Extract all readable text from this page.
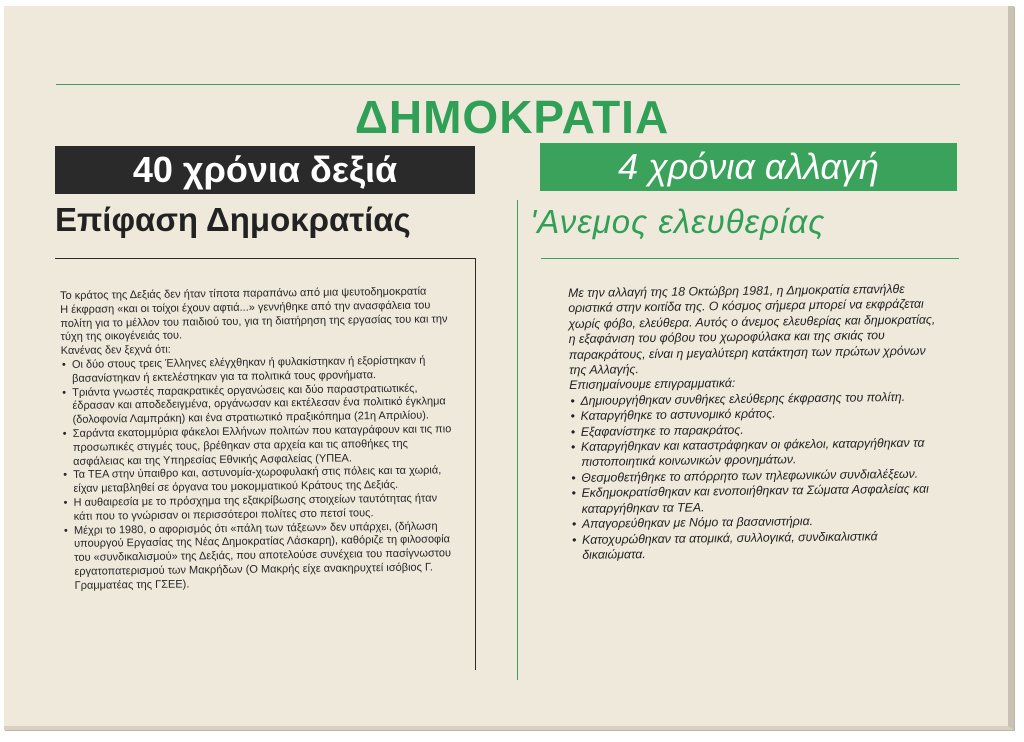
ΔΗΜΟΚΡΑΤΙΑ
40 χρόνια δεξιά	4 χρόνια αλλαγή
Επίφαση Δημοκρατίας	'Ανεμος ελευθερίας

Το κράτος της Δεξιάς δεν ήταν τίποτα παραπάνω από μια ψευτοδημοκρατία

Η έκφραση «και οι τοίχοι έχουν αφτιά...» γεννήθηκε από την ανασφάλεια του πολίτη για το μέλλον του παιδιού του, για τη διατήρηση της εργασίας του και την τύχη της οικογένειάς του.

Κανένας δεν ξεχνά ότι:

• Οι δύο στους τρεις Έλληνες ελέγχθηκαν ή φυλακίστηκαν ή εξορίστηκαν ή βασανίστηκαν ή εκτελέστηκαν για τα πολιτικά τους φρονήματα.
• Τριάντα γνωστές παρακρατικές οργανώσεις και δύο παραστρατιωτικές, έδρασαν και αποδεδειγμένα, οργάνωσαν και εκτέλεσαν ένα πολιτικό έγκλημα (δολοφονία Λαμπράκη) και ένα στρατιωτικό πραξικόπημα (21η Απριλίου).
• Σαράντα εκατομμύρια φάκελοι Ελλήνων πολιτών που καταγράφουν και τις πιο προσωπικές στιγμές τους, βρέθηκαν στα αρχεία και τις αποθήκες της ασφάλειας και της Υπηρεσίας Εθνικής Ασφαλείας (ΥΠΕΑ.
• Τα ΤΕΑ στην ύπαιθρο και, αστυνομία-χωροφυλακή στις πόλεις και τα χωριά, είχαν μεταβληθεί σε όργανα του μοκομματικού Κράτους της Δεξιάς.
• Η αυθαιρεσία με το πρόσχημα της εξακρίβωσης στοιχείων ταυτότητας ήταν κάτι που το γνώρισαν οι περισσότεροι πολίτες στο πετσί τους.
• Μέχρι το 1980, ο αφορισμός ότι «πάλη των τάξεων» δεν υπάρχει, (δήλωση υπουργού Εργασίας της Νέας Δημοκρατίας Λάσκαρη), καθόριζε τη φιλοσοφία του «συνδικαλισμού» της Δεξιάς, που αποτελούσε συνέχεια του πασίγνωστου εργατοπατερισμού των Μακρήδων (Ο Μακρής είχε ανακηρυχτεί ισόβιος Γ. Γραμματέας της ΓΣΕΕ).

Με την αλλαγή της 18 Οκτώβρη 1981, η Δημοκρατία επανήλθε οριστικά στην κοιτίδα της. Ο κόσμος σήμερα μπορεί να εκφράζεται χωρίς φόβο, ελεύθερα. Αυτός ο άνεμος ελευθερίας και δημοκρατίας, η εξαφάνιση του φόβου του χωροφύλακα και της σκιάς του παρακράτους, είναι η μεγαλύτερη κατάκτηση των πρώτων χρόνων της Αλλαγής.

Επισημαίνουμε επιγραμματικά:

• Δημιουργήθηκαν συνθήκες ελεύθερης έκφρασης του πολίτη.
• Καταργήθηκε το αστυνομικό κράτος.
• Εξαφανίστηκε το παρακράτος.
• Καταργήθηκαν και καταστράφηκαν οι φάκελοι, καταργήθηκαν τα πιστοποιητικά κοινωνικών φρονημάτων.
• Θεσμοθετήθηκε το απόρρητο των τηλεφωνικών συνδιαλέξεων.
• Εκδημοκρατίσθηκαν και ενοποιήθηκαν τα Σώματα Ασφαλείας και καταργήθηκαν τα ΤΕΑ.
• Απαγορεύθηκαν με Νόμο τα βασανιστήρια.
• Κατοχυρώθηκαν τα ατομικά, συλλογικά, συνδικαλιστικά δικαιώματα.
